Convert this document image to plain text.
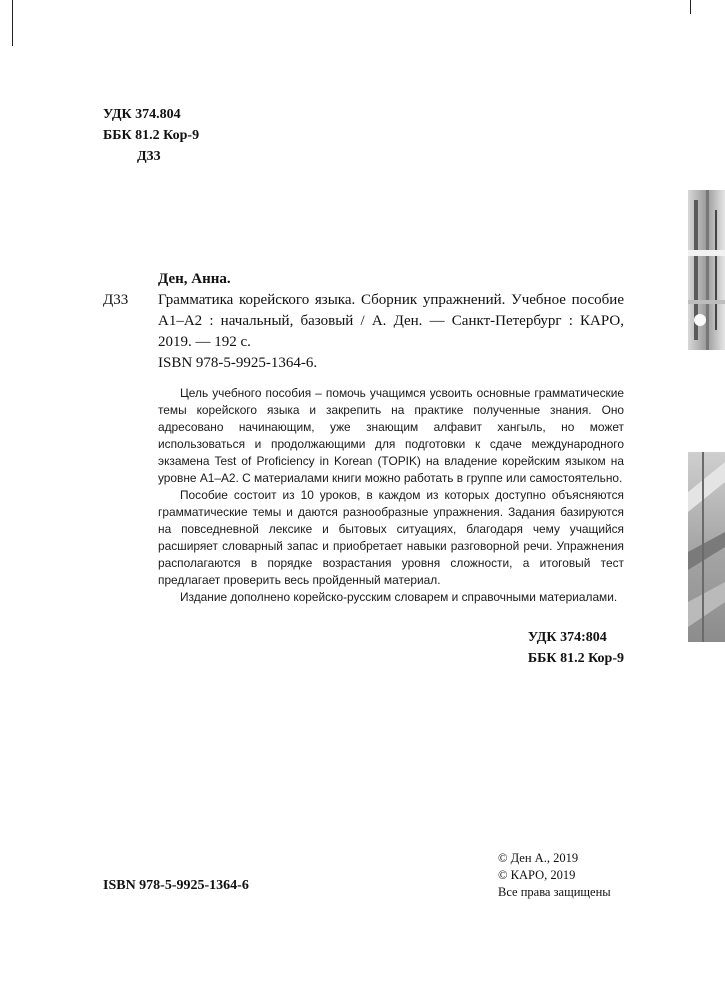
УДК 374.804
ББК 81.2 Кор-9
Д33
Ден, Анна.
Д33 Грамматика корейского языка. Сборник упражнений. Учебное пособие А1–А2 : начальный, базовый / А. Ден. — Санкт-Петербург : КАРО, 2019. — 192 с.
ISBN 978-5-9925-1364-6.

Цель учебного пособия – помочь учащимся усвоить основные грамматические темы корейского языка и закрепить на практике полученные знания. Оно адресовано начинающим, уже знающим алфавит хангыль, но может использоваться и продолжающими для подготовки к сдаче международного экзамена Test of Proficiency in Korean (TOPIK) на владение корейским языком на уровне А1–А2. С материалами книги можно работать в группе или самостоятельно.

Пособие состоит из 10 уроков, в каждом из которых доступно объясняются грамматические темы и даются разнообразные упражнения. Задания базируются на повседневной лексике и бытовых ситуациях, благодаря чему учащийся расширяет словарный запас и приобретает навыки разговорной речи. Упражнения располагаются в порядке возрастания уровня сложности, а итоговый тест предлагает проверить весь пройденный материал.

Издание дополнено корейско-русским словарем и справочными материалами.

УДК 374:804
ББК 81.2 Кор-9
ISBN 978-5-9925-1364-6
© Ден А., 2019
© КАРО, 2019
Все права защищены
